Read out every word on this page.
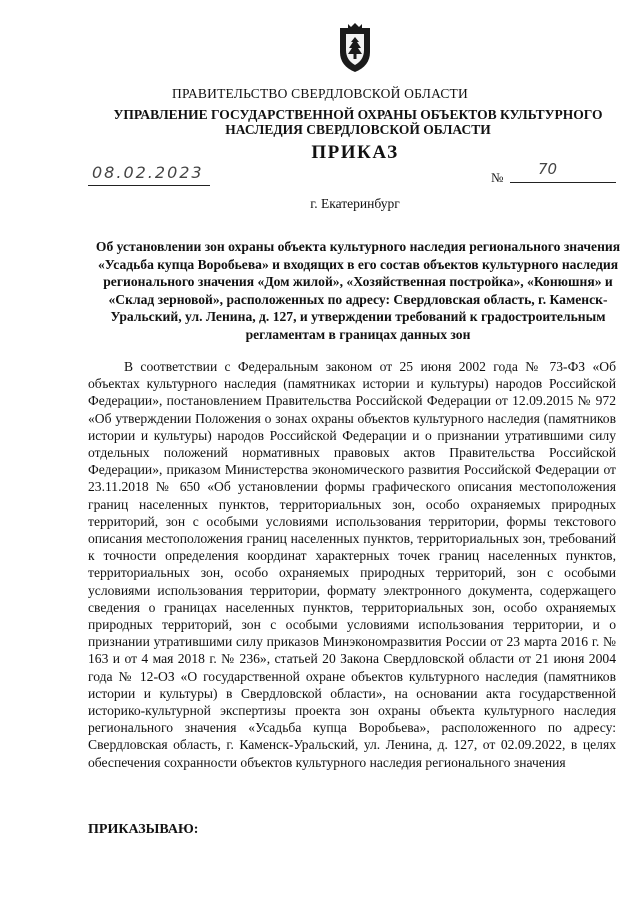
ПРАВИТЕЛЬСТВО СВЕРДЛОВСКОЙ ОБЛАСТИ
УПРАВЛЕНИЕ ГОСУДАРСТВЕННОЙ ОХРАНЫ ОБЪЕКТОВ КУЛЬТУРНОГО НАСЛЕДИЯ СВЕРДЛОВСКОЙ ОБЛАСТИ
ПРИКАЗ
08.02.2023	№ 70
г. Екатеринбург
Об установлении зон охраны объекта культурного наследия регионального значения «Усадьба купца Воробьева» и входящих в его состав объектов культурного наследия регионального значения «Дом жилой», «Хозяйственная постройка», «Конюшня» и «Склад зерновой», расположенных по адресу: Свердловская область, г. Каменск-Уральский, ул. Ленина, д. 127, и утверждении требований к градостроительным регламентам в границах данных зон

В соответствии с Федеральным законом от 25 июня 2002 года № 73-ФЗ «Об объектах культурного наследия (памятниках истории и культуры) народов Российской Федерации», постановлением Правительства Российской Федерации от 12.09.2015 № 972 «Об утверждении Положения о зонах охраны объектов культурного наследия (памятников истории и культуры) народов Российской Федерации и о признании утратившими силу отдельных положений нормативных правовых актов Правительства Российской Федерации», приказом Министерства экономического развития Российской Федерации от 23.11.2018 № 650 «Об установлении формы графического описания местоположения границ населенных пунктов, территориальных зон, особо охраняемых природных территорий, зон с особыми условиями использования территории, формы текстового описания местоположения границ населенных пунктов, территориальных зон, требований к точности определения координат характерных точек границ населенных пунктов, территориальных зон, особо охраняемых природных территорий, зон с особыми условиями использования территории, формату электронного документа, содержащего сведения о границах населенных пунктов, территориальных зон, особо охраняемых природных территорий, зон с особыми условиями использования территории, и о признании утратившими силу приказов Минэкономразвития России от 23 марта 2016 г. № 163 и от 4 мая 2018 г. № 236», статьей 20 Закона Свердловской области от 21 июня 2004 года № 12-ОЗ «О государственной охране объектов культурного наследия (памятников истории и культуры) в Свердловской области», на основании акта государственной историко-культурной экспертизы проекта зон охраны объекта культурного наследия регионального значения «Усадьба купца Воробьева», расположенного по адресу: Свердловская область, г. Каменск-Уральский, ул. Ленина, д. 127, от 02.09.2022, в целях обеспечения сохранности объектов культурного наследия регионального значения

ПРИКАЗЫВАЮ:
